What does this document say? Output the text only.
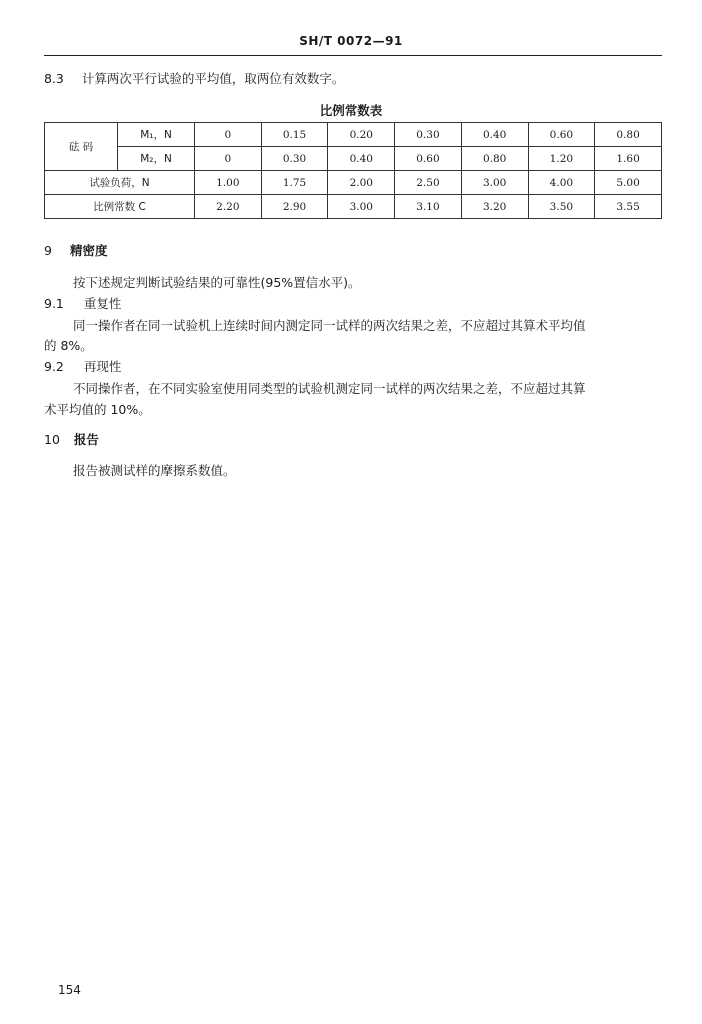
SH/T 0072—91
8.3 计算两次平行试验的平均值，取两位有效数字。
比例常数表
砝 码	M₁，N	0	0.15	0.20	0.30	0.40	0.60	0.80
	M₂，N	0	0.30	0.40	0.60	0.80	1.20	1.60
试验负荷，N		1.00	1.75	2.00	2.50	3.00	4.00	5.00
比例常数 C		2.20	2.90	3.00	3.10	3.20	3.50	3.55
9 精密度
按下述规定判断试验结果的可靠性(95%置信水平)。
9.1 重复性
同一操作者在同一试验机上连续时间内测定同一试样的两次结果之差，不应超过其算术平均值
的 8%。
9.2 再现性
不同操作者，在不同实验室使用同类型的试验机测定同一试样的两次结果之差，不应超过其算
术平均值的 10%。
10 报告
报告被测试样的摩擦系数值。
154
